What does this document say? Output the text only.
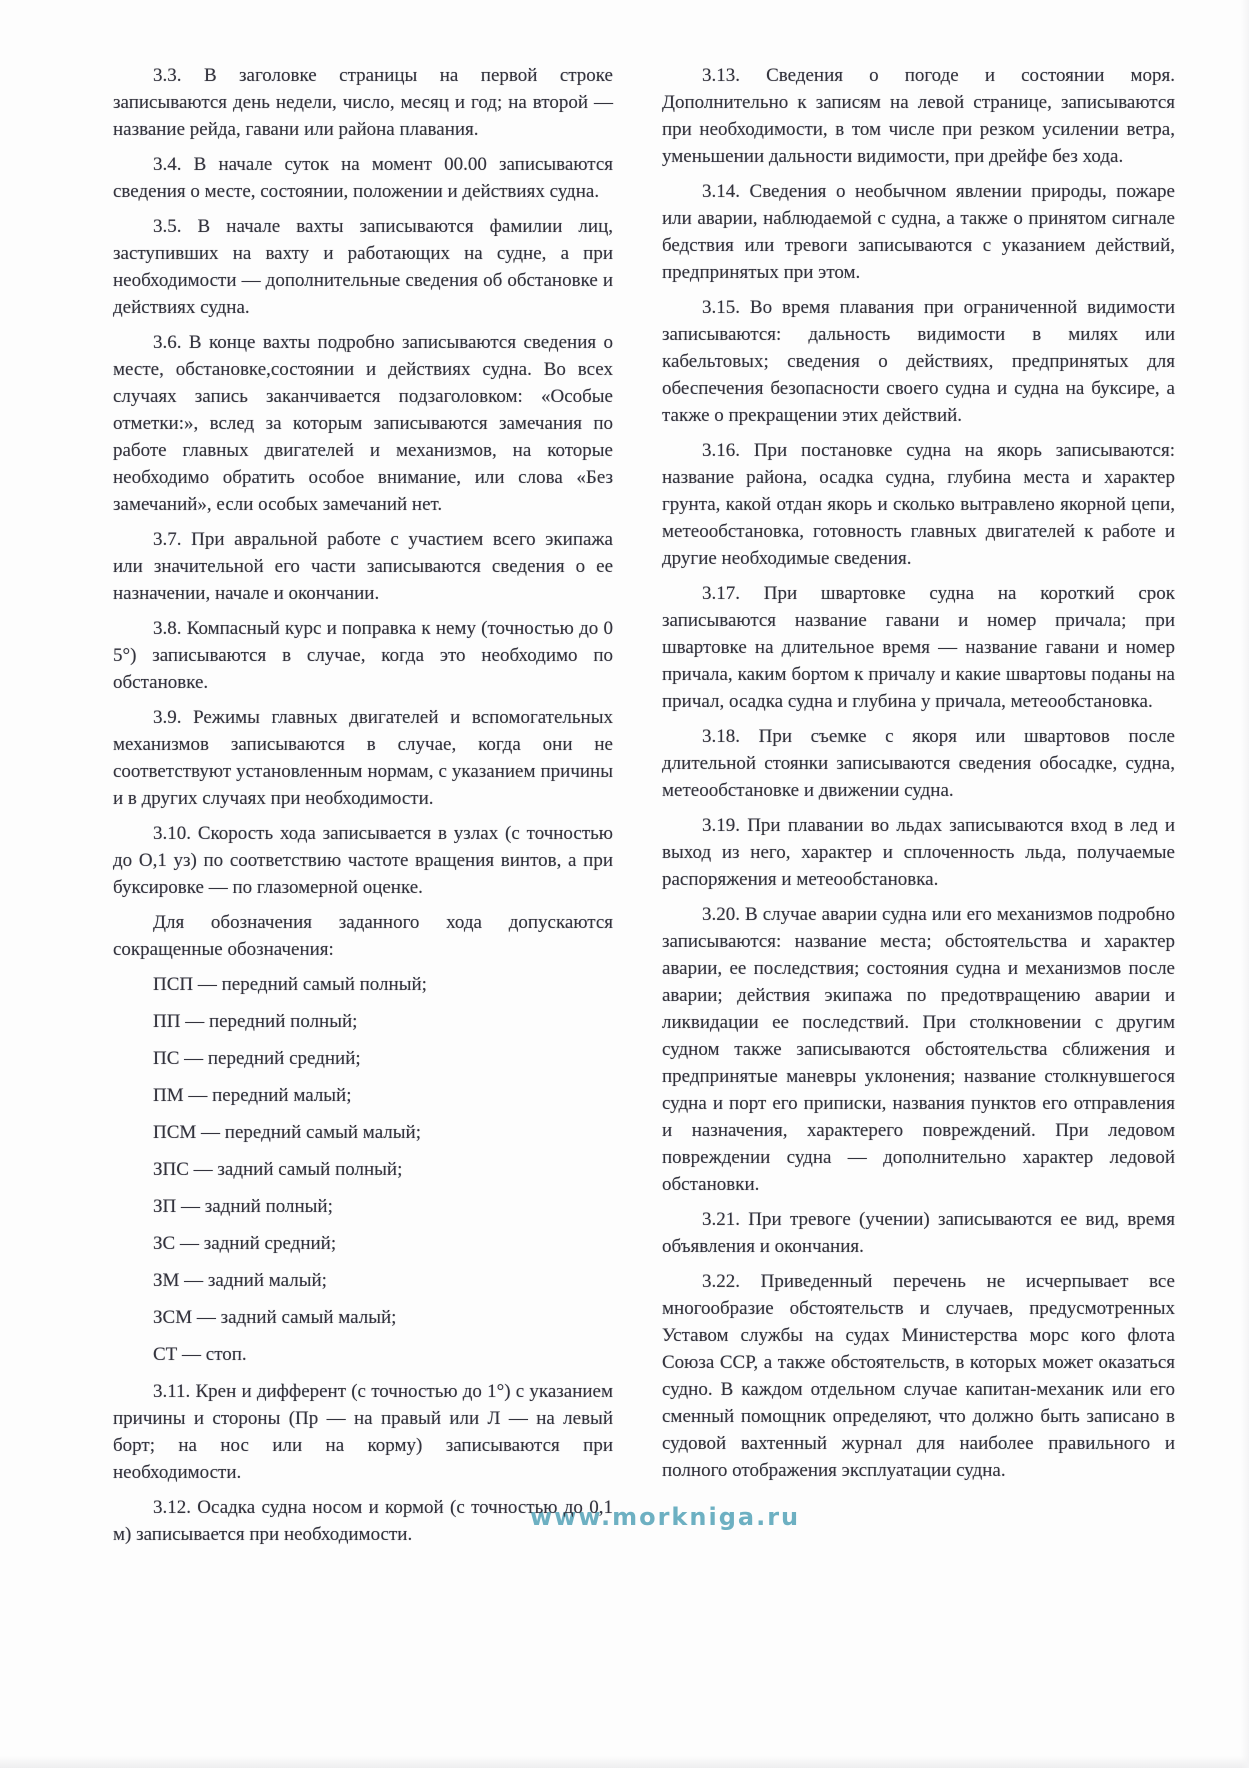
www.morkniga.ru

3.3. В заголовке страницы на первой строке записываются день недели, число, месяц и год; на второй — название рейда, гавани или района плавания.

3.4. В начале суток на момент 00.00 записываются сведения о месте, состоянии, положении и действиях судна.

3.5. В начале вахты записываются фамилии лиц, заступивших на вахту и работающих на судне, а при необходимости — дополнительные сведения об обстановке и действиях судна.

3.6. В конце вахты подробно записываются сведения о месте, обстановке,состоянии и действиях судна. Во всех случаях запись заканчивается подзаголовком: «Особые отметки:», вслед за которым записываются замечания по работе главных двигателей и механизмов, на которые необходимо обратить особое внимание, или слова «Без замечаний», если особых замечаний нет.

3.7. При авральной работе с участием всего экипажа или значительной его части записываются сведения о ее назначении, начале и окончании.

3.8. Компасный курс и поправка к нему (точностью до 0 5°) записываются в случае, когда это необходимо по обстановке.

3.9. Режимы главных двигателей и вспомогательных механизмов записываются в случае, когда они не соответствуют установленным нормам, с указанием причины и в других случаях при необходимости.

3.10. Скорость хода записывается в узлах (с точностью до О,1 уз) по соответствию частоте вращения винтов, а при буксировке — по глазомерной оценке.

Для обозначения заданного хода допускаются сокращенные обозначения:

ПСП — передний самый полный;

ПП — передний полный;

ПС — передний средний;

ПМ — передний малый;

ПСМ — передний самый малый;

ЗПС — задний самый полный;

ЗП — задний полный;

ЗС — задний средний;

ЗМ — задний малый;

ЗСМ — задний самый малый;

СТ — стоп.

3.11. Крен и дифферент (с точностью до 1°) с указанием причины и стороны (Пр — на правый или Л — на левый борт; на нос или на корму) записываются при необходимости.

3.12. Осадка судна носом и кормой (с точностью до 0,1 м) записывается при необходимости.

3.13. Сведения о погоде и состоянии моря. Дополнительно к записям на левой странице, записываются при необходимости, в том числе при резком усилении ветра, уменьшении дальности видимости, при дрейфе без хода.

3.14. Сведения о необычном явлении природы, пожаре или аварии, наблюдаемой с судна, а также о принятом сигнале бедствия или тревоги записываются с указанием действий, предпринятых при этом.

3.15. Во время плавания при ограниченной видимости записываются: дальность видимости в милях или кабельтовых; сведения о действиях, предпринятых для обеспечения безопасности своего судна и судна на буксире, а также о прекращении этих действий.

3.16. При постановке судна на якорь записываются: название района, осадка судна, глубина места и характер грунта, какой отдан якорь и сколько вытравлено якорной цепи, метеообстановка, готовность главных двигателей к работе и другие необходимые сведения.

3.17. При швартовке судна на короткий срок записываются название гавани и номер причала; при швартовке на длительное время — название гавани и номер причала, каким бортом к причалу и какие швартовы поданы на причал, осадка судна и глубина у причала, метеообстановка.

3.18. При съемке с якоря или швартовов после длительной стоянки записываются сведения обосадке, судна, метеообстановке и движении судна.

3.19. При плавании во льдах записываются вход в лед и выход из него, характер и сплоченность льда, получаемые распоряжения и метеообстановка.

3.20. В случае аварии судна или его механизмов подробно записываются: название места; обстоятельства и характер аварии, ее последствия; состояния судна и механизмов после аварии; действия экипажа по предотвращению аварии и ликвидации ее последствий. При столкновении с другим судном также записываются обстоятельства сближения и предпринятые маневры уклонения; название столкнувшегося судна и порт его приписки, названия пунктов его отправления и назначения, характерего повреждений. При ледовом повреждении судна — дополнительно характер ледовой обстановки.

3.21. При тревоге (учении) записываются ее вид, время объявления и окончания.

3.22. Приведенный перечень не исчерпывает все многообразие обстоятельств и случаев, предусмотренных Уставом службы на судах Министерства морс кого флота Союза ССР, а также обстоятельств, в которых может оказаться судно. В каждом отдельном случае капитан-механик или его сменный помощник определяют, что должно быть записано в судовой вахтенный журнал для наиболее правильного и полного отображения эксплуатации судна.
